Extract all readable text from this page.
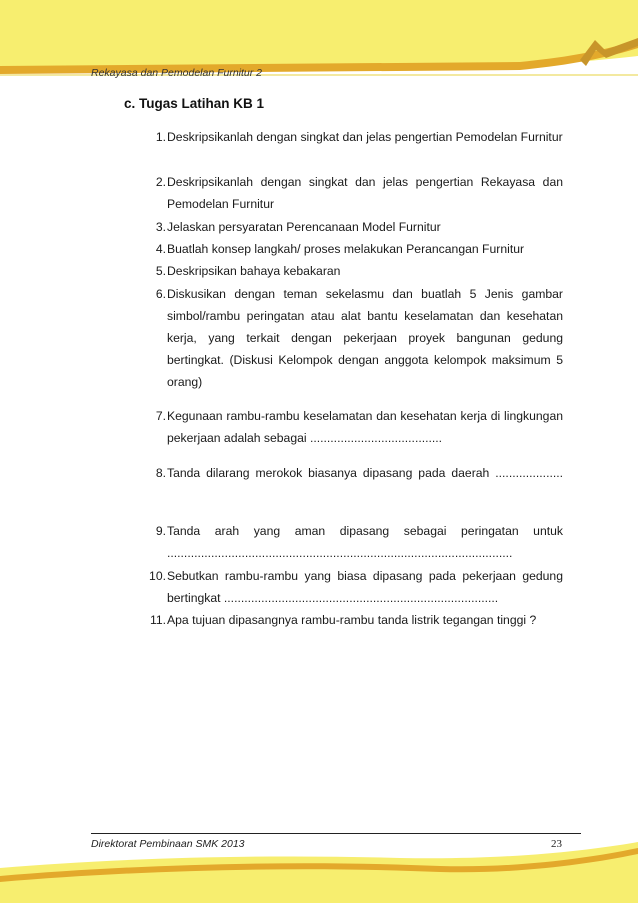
Rekayasa dan Pemodelan Furnitur 2
c. Tugas Latihan KB 1
1. Deskripsikanlah dengan singkat dan jelas pengertian Pemodelan Furnitur
2. Deskripsikanlah dengan singkat dan jelas pengertian Rekayasa dan Pemodelan Furnitur
3. Jelaskan persyaratan Perencanaan Model Furnitur
4. Buatlah konsep langkah/ proses melakukan Perancangan Furnitur
5. Deskripsikan bahaya kebakaran
6. Diskusikan dengan teman sekelasmu dan buatlah 5 Jenis gambar simbol/rambu peringatan atau alat bantu keselamatan dan kesehatan kerja, yang terkait dengan pekerjaan proyek bangunan gedung bertingkat. (Diskusi Kelompok dengan anggota kelompok maksimum 5 orang)
7. Kegunaan rambu-rambu keselamatan dan kesehatan kerja di lingkungan pekerjaan adalah sebagai .......................................
8. Tanda dilarang merokok biasanya dipasang pada daerah ....................
9. Tanda arah yang aman dipasang sebagai peringatan untuk ......................................................................................................
10. Sebutkan rambu-rambu yang biasa dipasang pada pekerjaan gedung bertingkat .................................................................................
11. Apa tujuan dipasangnya rambu-rambu tanda listrik tegangan tinggi ?
Direktorat Pembinaan SMK 2013	23
